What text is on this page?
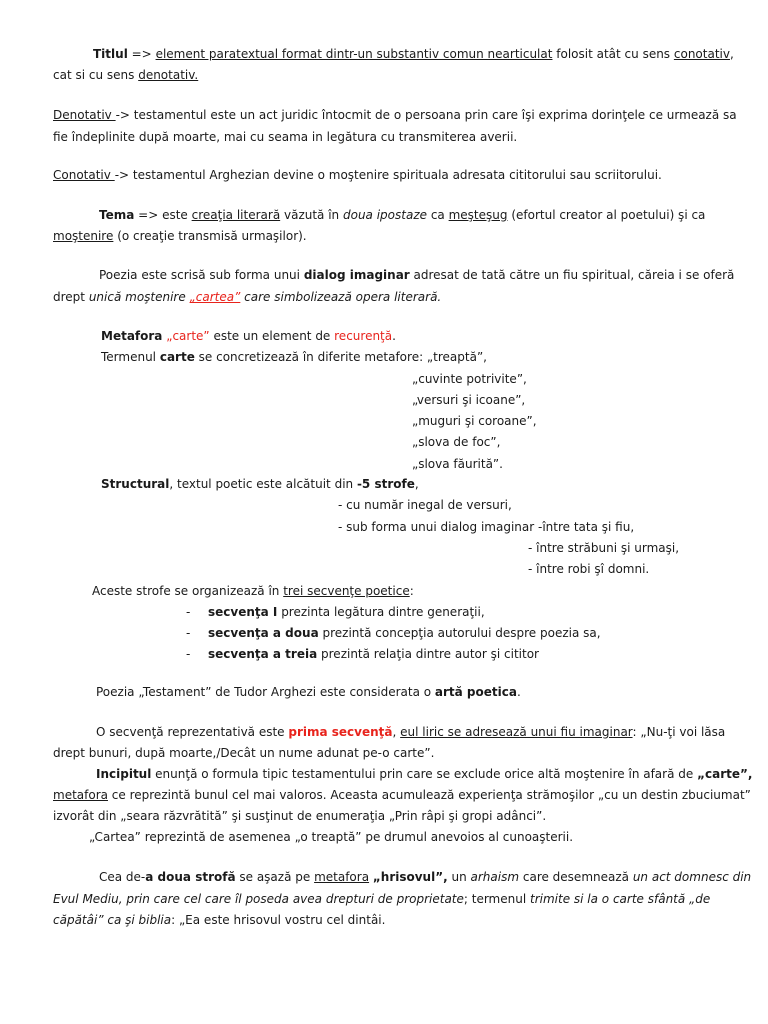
Titlul => element paratextual format dintr-un substantiv comun nearticulat folosit atât cu sens conotativ,
cat si cu sens denotativ.
Denotativ -> testamentul este un act juridic întocmit de o persoana prin care îşi exprima dorinţele ce urmează sa
fie îndeplinite după moarte, mai cu seama in legătura cu transmiterea averii.
Conotativ -> testamentul Arghezian devine o moştenire spirituala adresata cititorului sau scriitorului.
Tema => este creaţia literară văzută în doua ipostaze ca meşteşug (efortul creator al poetului) şi ca
moştenire (o creaţie transmisă urmaşilor).
Poezia este scrisă sub forma unui dialog imaginar adresat de tată către un fiu spiritual, căreia i se oferă
drept unică moştenire „cartea” care simbolizează opera literară.
Metafora „carte” este un element de recurenţă.
Termenul carte se concretizează în diferite metafore: „treaptă”,
„cuvinte potrivite”,
„versuri şi icoane”,
„muguri şi coroane”,
„slova de foc”,
„slova făurită”.
Structural, textul poetic este alcătuit din -5 strofe,
- cu număr inegal de versuri,
- sub forma unui dialog imaginar -între tata şi fiu,
- între străbuni şi urmaşi,
- între robi şî domni.
Aceste strofe se organizează în trei secvenţe poetice:
- secvenţa I prezinta legătura dintre generaţii,
- secvenţa a doua prezintă concepţia autorului despre poezia sa,
- secvenţa a treia prezintă relaţia dintre autor şi cititor
Poezia „Testament” de Tudor Arghezi este considerata o artă poetica.
O secvenţă reprezentativă este prima secvenţă, eul liric se adresează unui fiu imaginar: „Nu-ţi voi lăsa
drept bunuri, după moarte,/Decât un nume adunat pe-o carte”.
Incipitul enunţă o formula tipic testamentului prin care se exclude orice altă moştenire în afară de „carte”,
metafora ce reprezintă bunul cel mai valoros. Aceasta acumulează experienţa strămoşilor „cu un destin zbuciumat”
izvorât din „seara răzvrătită” şi susţinut de enumeraţia „Prin râpi şi gropi adânci”.
„Cartea” reprezintă de asemenea „o treaptă” pe drumul anevoios al cunoaşterii.
Cea de-a doua strofă se aşază pe metafora „hrisovul”, un arhaism care desemnează un act domnesc din
Evul Mediu, prin care cel care îl poseda avea drepturi de proprietate; termenul trimite si la o carte sfântă „de
căpătâi” ca şi biblia: „Ea este hrisovul vostru cel dintâi.
